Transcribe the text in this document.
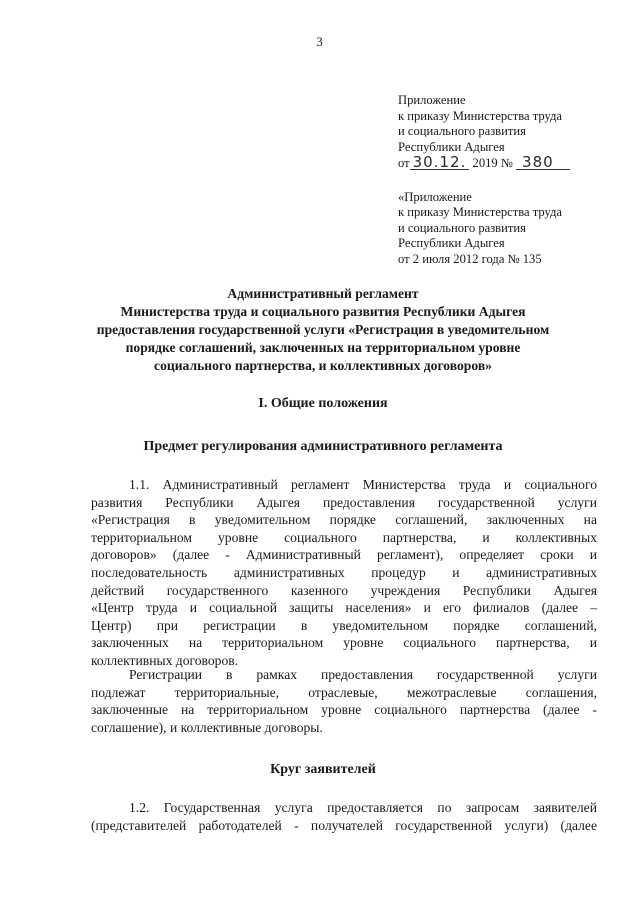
3
Приложение
к приказу Министерства труда
и социального развития
Республики Адыгея
от 30.12. 2019 № 380
«Приложение
к приказу Министерства труда
и социального развития
Республики Адыгея
от 2 июля 2012 года № 135
Административный регламент
Министерства труда и социального развития Республики Адыгея
предоставления государственной услуги «Регистрация в уведомительном
порядке соглашений, заключенных на территориальном уровне
социального партнерства, и коллективных договоров»
I. Общие положения
Предмет регулирования административного регламента
1.1. Административный регламент Министерства труда и социального
развития Республики Адыгея предоставления государственной услуги
«Регистрация в уведомительном порядке соглашений, заключенных на
территориальном уровне социального партнерства, и коллективных
договоров» (далее - Административный регламент), определяет сроки и
последовательность административных процедур и административных
действий государственного казенного учреждения Республики Адыгея
«Центр труда и социальной защиты населения» и его филиалов (далее –
Центр) при регистрации в уведомительном порядке соглашений,
заключенных на территориальном уровне социального партнерства, и
коллективных договоров.
Регистрации в рамках предоставления государственной услуги
подлежат территориальные, отраслевые, межотраслевые соглашения,
заключенные на территориальном уровне социального партнерства (далее -
соглашение), и коллективные договоры.
Круг заявителей
1.2. Государственная услуга предоставляется по запросам заявителей
(представителей работодателей - получателей государственной услуги) (далее
